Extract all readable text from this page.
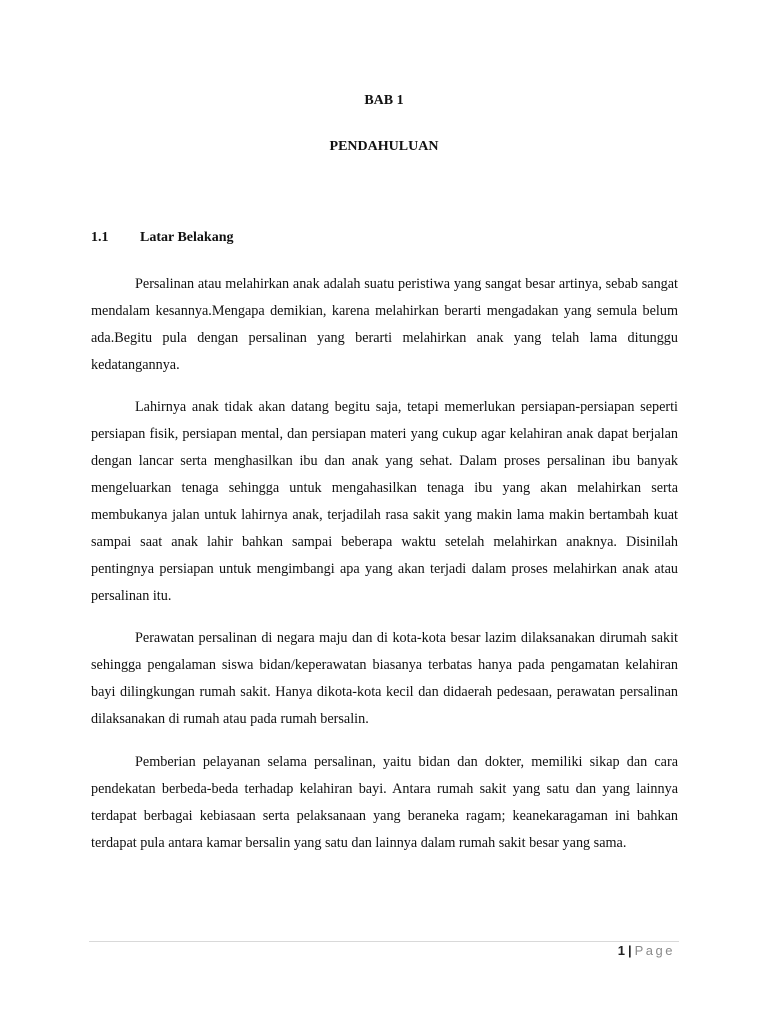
BAB 1
PENDAHULUAN
1.1 Latar Belakang

Persalinan atau melahirkan anak adalah suatu peristiwa yang sangat besar artinya, sebab sangat mendalam kesannya.Mengapa demikian, karena melahirkan berarti mengadakan yang semula belum ada.Begitu pula dengan persalinan yang berarti melahirkan anak yang telah lama ditunggu kedatangannya.

Lahirnya anak tidak akan datang begitu saja, tetapi memerlukan persiapan-persiapan seperti persiapan fisik, persiapan mental, dan persiapan materi yang cukup agar kelahiran anak dapat berjalan dengan lancar serta menghasilkan ibu dan anak yang sehat. Dalam proses persalinan ibu banyak mengeluarkan tenaga sehingga untuk mengahasilkan tenaga ibu yang akan melahirkan serta membukanya jalan untuk lahirnya anak, terjadilah rasa sakit yang makin lama makin bertambah kuat sampai saat anak lahir bahkan sampai beberapa waktu setelah melahirkan anaknya. Disinilah pentingnya persiapan untuk mengimbangi apa yang akan terjadi dalam proses melahirkan anak atau persalinan itu.

Perawatan persalinan di negara maju dan di kota-kota besar lazim dilaksanakan dirumah sakit sehingga pengalaman siswa bidan/keperawatan biasanya terbatas hanya pada pengamatan kelahiran bayi dilingkungan rumah sakit. Hanya dikota-kota kecil dan didaerah pedesaan, perawatan persalinan dilaksanakan di rumah atau pada rumah bersalin.

Pemberian pelayanan selama persalinan, yaitu bidan dan dokter, memiliki sikap dan cara pendekatan berbeda-beda terhadap kelahiran bayi. Antara rumah sakit yang satu dan yang lainnya terdapat berbagai kebiasaan serta pelaksanaan yang beraneka ragam; keanekaragaman ini bahkan terdapat pula antara kamar bersalin yang satu dan lainnya dalam rumah sakit besar yang sama.

1 | Page
